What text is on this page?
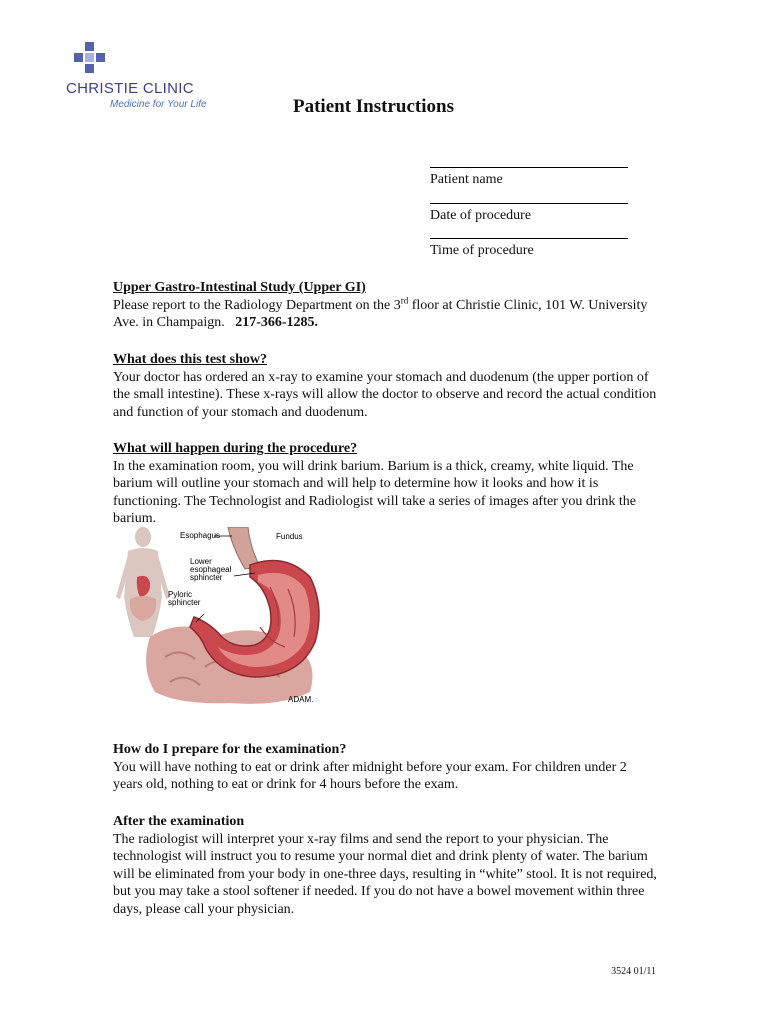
CHRISTIE CLINIC
Medicine for Your Life	Patient Instructions
Patient name
Date of procedure
Time of procedure

Upper Gastro-Intestinal Study (Upper GI)

Please report to the Radiology Department on the 3rd floor at Christie Clinic, 101 W. University Ave. in Champaign. 217-366-1285.

What does this test show?

Your doctor has ordered an x-ray to examine your stomach and duodenum (the upper portion of the small intestine). These x-rays will allow the doctor to observe and record the actual condition and function of your stomach and duodenum.

What will happen during the procedure?

In the examination room, you will drink barium. Barium is a thick, creamy, white liquid. The barium will outline your stomach and will help to determine how it looks and how it is functioning. The Technologist and Radiologist will take a series of images after you drink the barium.

Esophagus	Fundus
Lower
esophageal
sphincter
Pyloric
sphincter
ADAM.

How do I prepare for the examination?

You will have nothing to eat or drink after midnight before your exam. For children under 2 years old, nothing to eat or drink for 4 hours before the exam.

After the examination

The radiologist will interpret your x-ray films and send the report to your physician. The technologist will instruct you to resume your normal diet and drink plenty of water. The barium will be eliminated from your body in one-three days, resulting in “white” stool. It is not required, but you may take a stool softener if needed. If you do not have a bowel movement within three days, please call your physician.

3524 01/11
